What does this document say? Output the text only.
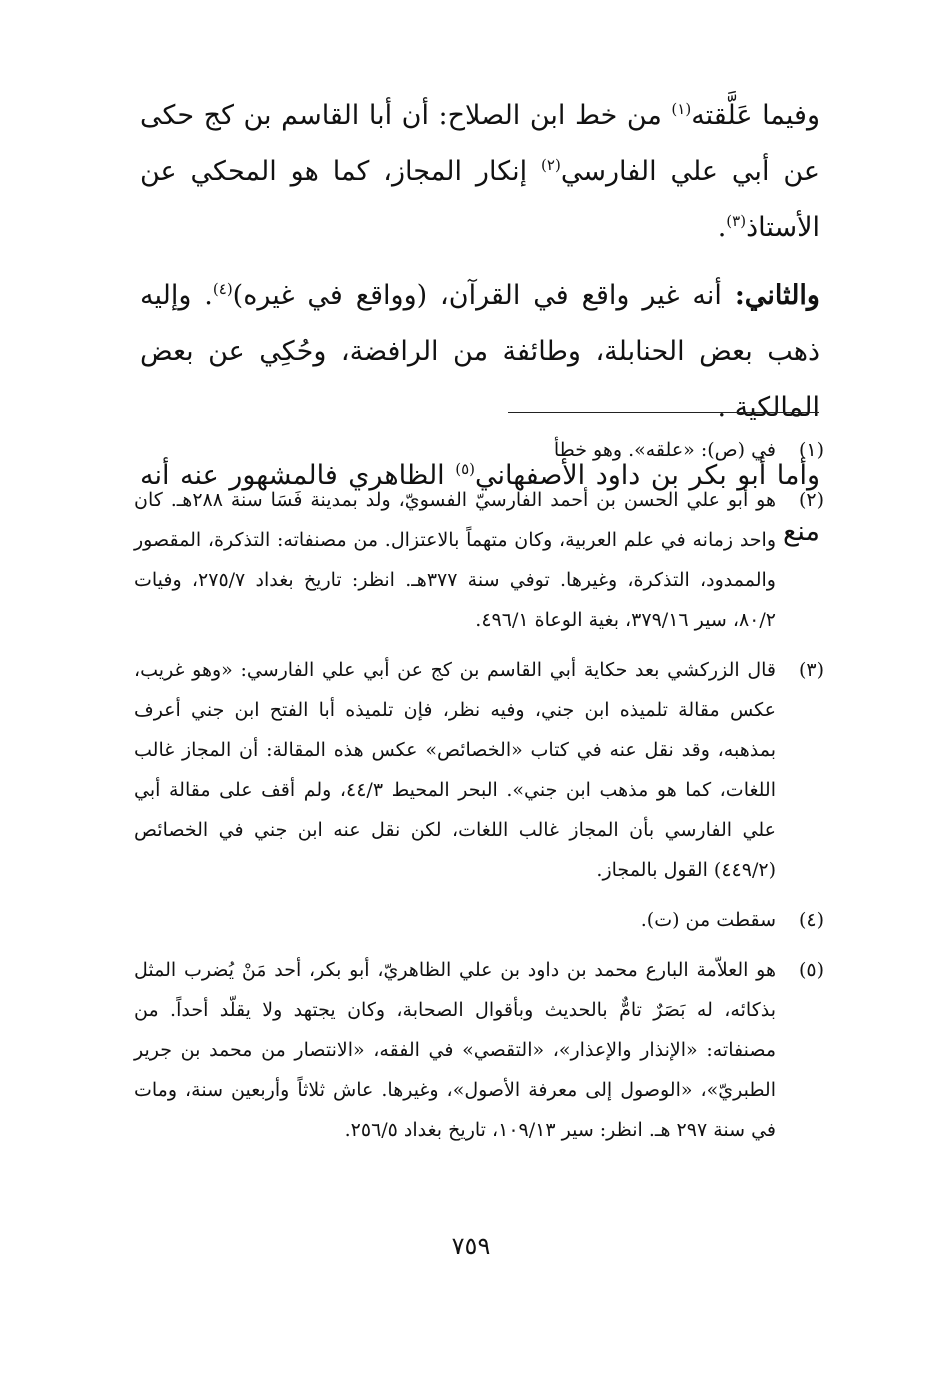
وفيما عَلَّقته$^{(١)}$ من خط ابن الصلاح: أن أبا القاسم بن كج حكى عن أبي علي الفارسي$^{(٢)}$ إنكار المجاز، كما هو المحكي عن الأستاذ$^{(٣)}$.

والثاني: أنه غير واقع في القرآن، (وواقع في غيره)$^{(٤)}$. وإليه ذهب بعض الحنابلة، وطائفة من الرافضة، وحُكِي عن بعض المالكية .

وأما أبو بكر بن داود الأصفهاني$^{(٥)}$ الظاهري فالمشهور عنه أنه منع

(١)
في (ص): «علقه». وهو خطأ
(٢)
هو أبو علي الحسن بن أحمد الفارسيّ الفسويّ، ولد بمدينة فَسَا سنة ٢٨٨هـ. كان واحد زمانه في علم العربية، وكان متهماً بالاعتزال. من مصنفاته: التذكرة، المقصور والممدود، التذكرة، وغيرها. توفي سنة ٣٧٧هـ. انظر: تاريخ بغداد ٢٧٥/٧، وفيات ٨٠/٢، سير ٣٧٩/١٦، بغية الوعاة ٤٩٦/١.
(٣)
قال الزركشي بعد حكاية أبي القاسم بن كج عن أبي علي الفارسي: «وهو غريب، عكس مقالة تلميذه ابن جني، وفيه نظر، فإن تلميذه أبا الفتح ابن جني أعرف بمذهبه، وقد نقل عنه في كتاب «الخصائص» عكس هذه المقالة: أن المجاز غالب اللغات، كما هو مذهب ابن جني». البحر المحيط ٤٤/٣، ولم أقف على مقالة أبي علي الفارسي بأن المجاز غالب اللغات، لكن نقل عنه ابن جني في الخصائص (٤٤٩/٢) القول بالمجاز.
(٤)
سقطت من (ت).
(٥)
هو العلاّمة البارع محمد بن داود بن علي الظاهريّ، أبو بكر، أحد مَنْ يُضرب المثل بذكائه، له بَصَرٌ تامٌّ بالحديث وبأقوال الصحابة، وكان يجتهد ولا يقلّد أحداً. من مصنفاته: «الإنذار والإعذار»، «التقصي» في الفقه، «الانتصار من محمد بن جرير الطبريّ»، «الوصول إلى معرفة الأصول»، وغيرها. عاش ثلاثاً وأربعين سنة، ومات في سنة ٢٩٧ هـ. انظر: سير ١٠٩/١٣، تاريخ بغداد ٢٥٦/٥.
٧٥٩
